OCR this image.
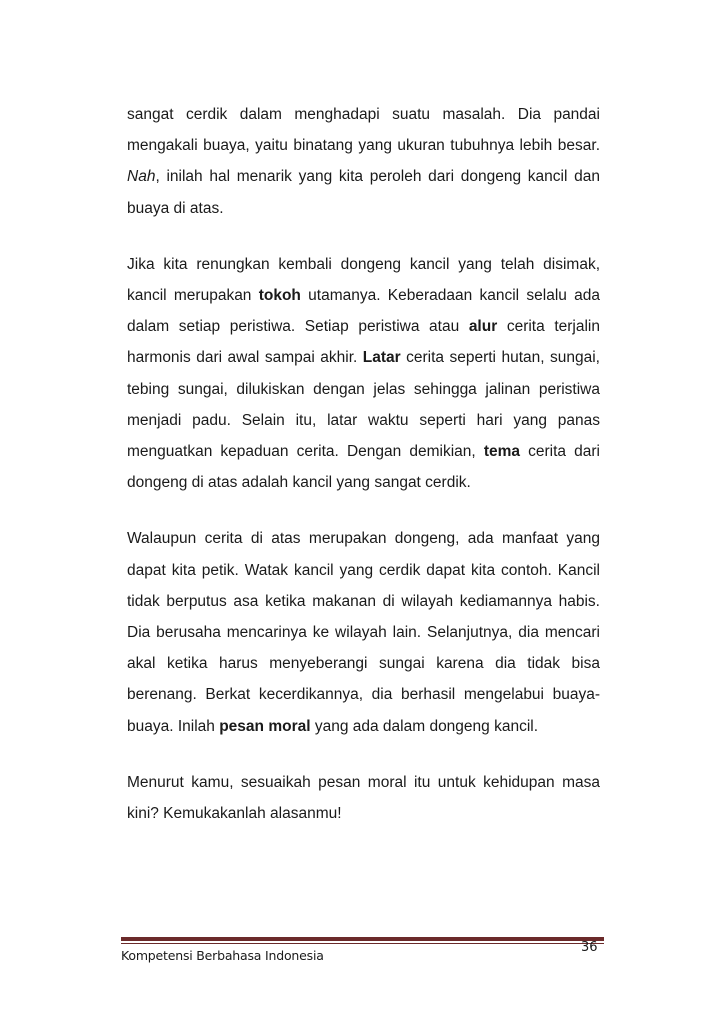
sangat cerdik dalam menghadapi suatu masalah. Dia pandai mengakali buaya, yaitu binatang yang ukuran tubuhnya lebih besar. Nah, inilah hal menarik yang kita peroleh dari dongeng kancil dan buaya di atas.

Jika kita renungkan kembali dongeng kancil yang telah disimak, kancil merupakan tokoh utamanya. Keberadaan kancil selalu ada dalam setiap peristiwa. Setiap peristiwa atau alur cerita terjalin harmonis dari awal sampai akhir. Latar cerita seperti hutan, sungai, tebing sungai, dilukiskan dengan jelas sehingga jalinan peristiwa menjadi padu. Selain itu, latar waktu seperti hari yang panas menguatkan kepaduan cerita. Dengan demikian, tema cerita dari dongeng di atas adalah kancil yang sangat cerdik.

Walaupun cerita di atas merupakan dongeng, ada manfaat yang dapat kita petik. Watak kancil yang cerdik dapat kita contoh. Kancil tidak berputus asa ketika makanan di wilayah kediamannya habis. Dia berusaha mencarinya ke wilayah lain. Selanjutnya, dia mencari akal ketika harus menyeberangi sungai karena dia tidak bisa berenang. Berkat kecerdikannya, dia berhasil mengelabui buaya-buaya. Inilah pesan moral yang ada dalam dongeng kancil.

Menurut kamu, sesuaikah pesan moral itu untuk kehidupan masa kini? Kemukakanlah alasanmu!

Kompetensi Berbahasa Indonesia
36
